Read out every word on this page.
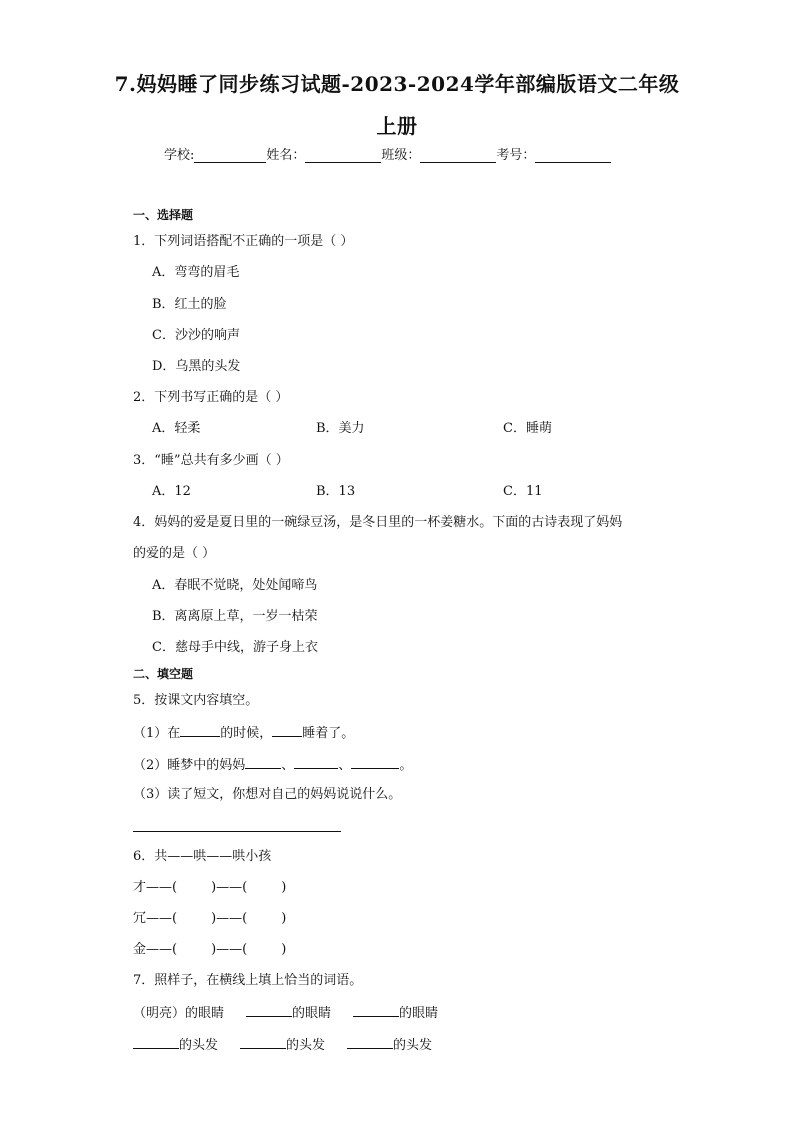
7.妈妈睡了同步练习试题-2023-2024学年部编版语文二年级
上册
学校:	姓名：	班级：	考号：
一、选择题
1．下列词语搭配不正确的一项是（ ）
A．弯弯的眉毛
B．红土的脸
C．沙沙的响声
D．乌黑的头发
2．下列书写正确的是（ ）
A．轻柔	B．美力	C．睡萌
3．“睡”总共有多少画（ ）
A．12	B．13	C．11
4．妈妈的爱是夏日里的一碗绿豆汤，是冬日里的一杯姜糖水。下面的古诗表现了妈妈
的爱的是（ ）
A．春眠不觉晓，处处闻啼鸟
B．离离原上草，一岁一枯荣
C．慈母手中线，游子身上衣
二、填空题
5．按课文内容填空。
（1）在	的时候， 睡着了。
（2）睡梦中的妈妈	、	、	。
（3）读了短文，你想对自己的妈妈说说什么。
6．共——哄——哄小孩
才——(	)——(	)
冗——(	)——(	)
金——(	)——(	)
7．照样子，在横线上填上恰当的词语。
（明亮）的眼睛	的眼睛	的眼睛
的头发	的头发	的头发
